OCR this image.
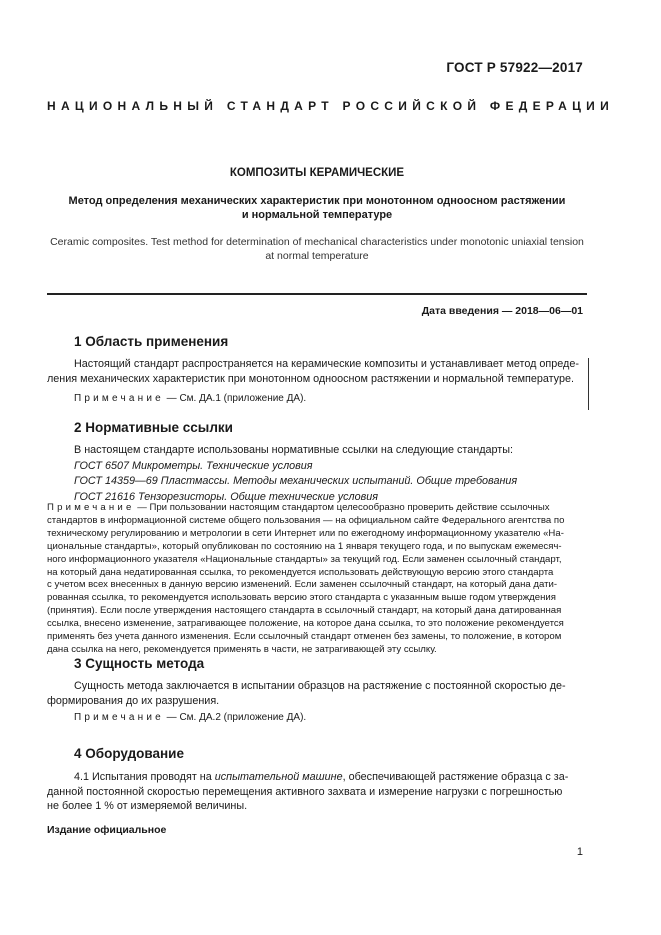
ГОСТ Р 57922—2017
НАЦИОНАЛЬНЫЙ СТАНДАРТ РОССИЙСКОЙ ФЕДЕРАЦИИ
КОМПОЗИТЫ КЕРАМИЧЕСКИЕ
Метод определения механических характеристик при монотонном одноосном растяжении
и нормальной температуре
Ceramic composites. Test method for determination of mechanical characteristics under monotonic uniaxial tension
at normal temperature
Дата введения — 2018—06—01
1 Область применения
Настоящий стандарт распространяется на керамические композиты и устанавливает метод опреде-
ления механических характеристик при монотонном одноосном растяжении и нормальной температуре.
Примечание — См. ДА.1 (приложение ДА).
2 Нормативные ссылки
В настоящем стандарте использованы нормативные ссылки на следующие стандарты:
ГОСТ 6507 Микрометры. Технические условия
ГОСТ 14359—69 Пластмассы. Методы механических испытаний. Общие требования
ГОСТ 21616 Тензорезисторы. Общие технические условия
Примечание — При пользовании настоящим стандартом целесообразно проверить действие ссылочных
стандартов в информационной системе общего пользования — на официальном сайте Федерального агентства по
техническому регулированию и метрологии в сети Интернет или по ежегодному информационному указателю «На-
циональные стандарты», который опубликован по состоянию на 1 января текущего года, и по выпускам ежемесяч-
ного информационного указателя «Национальные стандарты» за текущий год. Если заменен ссылочный стандарт,
на который дана недатированная ссылка, то рекомендуется использовать действующую версию этого стандарта
с учетом всех внесенных в данную версию изменений. Если заменен ссылочный стандарт, на который дана дати-
рованная ссылка, то рекомендуется использовать версию этого стандарта с указанным выше годом утверждения
(принятия). Если после утверждения настоящего стандарта в ссылочный стандарт, на который дана датированная
ссылка, внесено изменение, затрагивающее положение, на которое дана ссылка, то это положение рекомендуется
применять без учета данного изменения. Если ссылочный стандарт отменен без замены, то положение, в котором
дана ссылка на него, рекомендуется применять в части, не затрагивающей эту ссылку.
3 Сущность метода
Сущность метода заключается в испытании образцов на растяжение с постоянной скоростью де-
формирования до их разрушения.
Примечание — См. ДА.2 (приложение ДА).
4 Оборудование
4.1 Испытания проводят на испытательной машине, обеспечивающей растяжение образца с за-
данной постоянной скоростью перемещения активного захвата и измерение нагрузки с погрешностью
не более 1 % от измеряемой величины.
Издание официальное
1
